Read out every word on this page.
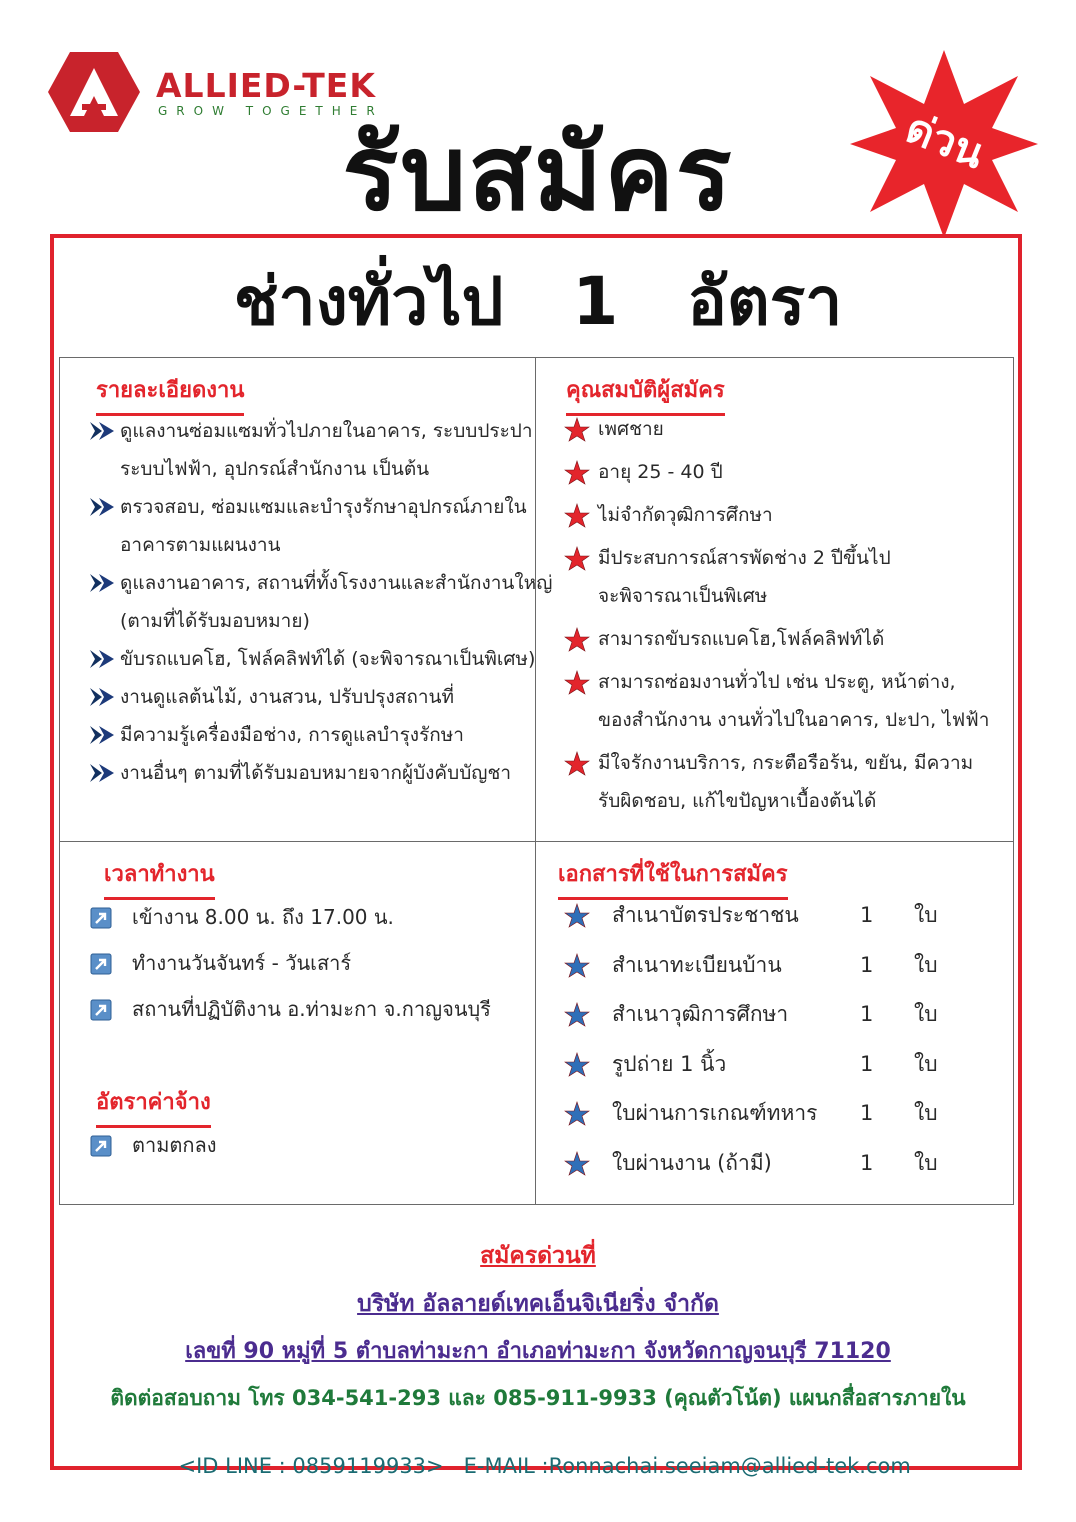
ALLIED-TEK
GROW TOGETHER
รับสมัคร	ด่วน
ช่างทั่วไป   1   อัตรา
รายละเอียดงาน
ดูแลงานซ่อมแซมทั่วไปภายในอาคาร, ระบบประปา
ระบบไฟฟ้า, อุปกรณ์สำนักงาน เป็นต้น
ตรวจสอบ, ซ่อมแซมและบำรุงรักษาอุปกรณ์ภายใน
อาคารตามแผนงาน
ดูแลงานอาคาร, สถานที่ทั้งโรงงานและสำนักงานใหญ่
(ตามที่ได้รับมอบหมาย)
ขับรถแบคโฮ, โฟล์คลิฟท์ได้ (จะพิจารณาเป็นพิเศษ)
งานดูแลต้นไม้, งานสวน, ปรับปรุงสถานที่
มีความรู้เครื่องมือช่าง, การดูแลบำรุงรักษา
งานอื่นๆ ตามที่ได้รับมอบหมายจากผู้บังคับบัญชา
คุณสมบัติผู้สมัคร
เพศชาย
อายุ 25 - 40 ปี
ไม่จำกัดวุฒิการศึกษา
มีประสบการณ์สารพัดช่าง 2 ปีขึ้นไป
จะพิจารณาเป็นพิเศษ
สามารถขับรถแบคโฮ,โฟล์คลิฟท์ได้
สามารถซ่อมงานทั่วไป เช่น ประตู, หน้าต่าง,
ของสำนักงาน งานทั่วไปในอาคาร, ปะปา, ไฟฟ้า
มีใจรักงานบริการ, กระตือรือร้น, ขยัน, มีความ
รับผิดชอบ, แก้ไขปัญหาเบื้องต้นได้
เวลาทำงาน
เข้างาน 8.00 น. ถึง 17.00 น.
ทำงานวันจันทร์ - วันเสาร์
สถานที่ปฏิบัติงาน อ.ท่ามะกา จ.กาญจนบุรี
อัตราค่าจ้าง
ตามตกลง
เอกสารที่ใช้ในการสมัคร
สำเนาบัตรประชาชน	1 ใบ
สำเนาทะเบียนบ้าน	1 ใบ
สำเนาวุฒิการศึกษา	1 ใบ
รูปถ่าย 1 นิ้ว	1 ใบ
ใบผ่านการเกณฑ์ทหาร 1 ใบ
ใบผ่านงาน (ถ้ามี)	1 ใบ
สมัครด่วนที่
บริษัท อัลลายด์เทคเอ็นจิเนียริ่ง จำกัด
เลขที่ 90 หมู่ที่ 5 ตำบลท่ามะกา อำเภอท่ามะกา จังหวัดกาญจนบุรี 71120
ติดต่อสอบถาม โทร 034-541-293 และ 085-911-9933 (คุณตัวโน้ต) แผนกสื่อสารภายใน

<ID LINE : 0859119933>   E-MAIL :Ronnachai.seeiam@allied-tek.com
